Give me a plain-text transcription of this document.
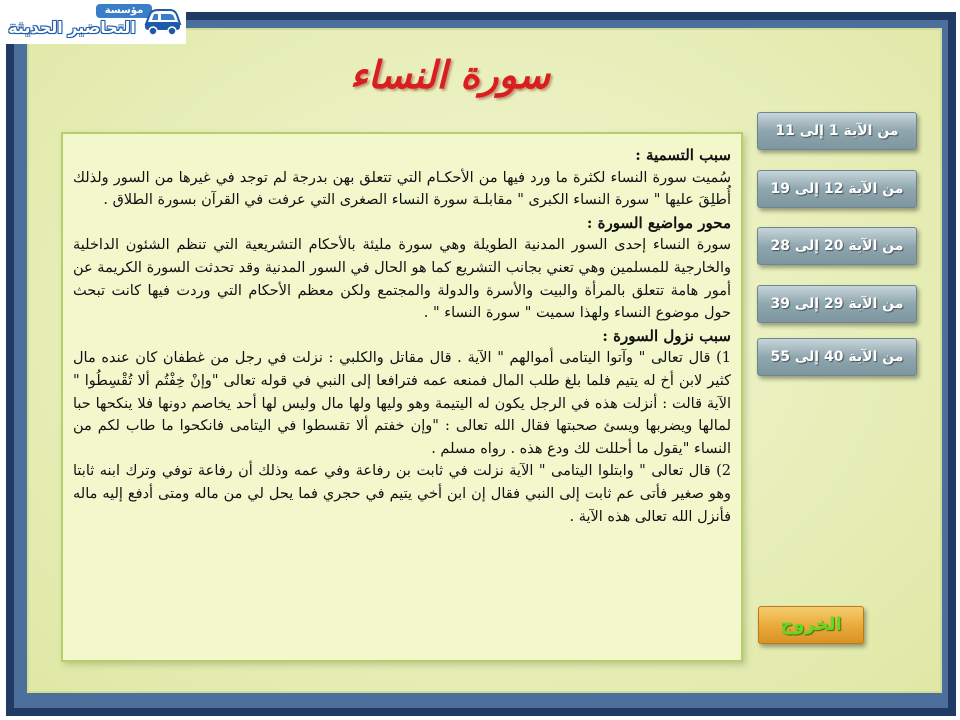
مؤسسة
التحاضير الحديثة
سورة النساء

سبب التسمية :

سُميت سورة النساء لكثرة ما ورد فيها من الأحكـام التي تتعلق بهن بدرجة لم توجد في غيرها من السور ولذلك أُطلِقَ عليها " سورة النساء الكبرى " مقابلـة سورة النساء الصغرى التي عرفت في القرآن بسورة الطلاق .

محور مواضيع السورة :

سورة النساء إحدى السور المدنية الطويلة وهي سورة مليئة بالأحكام التشريعية التي تنظم الشئون الداخلية والخارجية للمسلمين وهي تعني بجانب التشريع كما هو الحال في السور المدنية وقد تحدثت السورة الكريمة عن أمور هامة تتعلق بالمرأة والبيت والأسرة والدولة والمجتمع ولكن معظم الأحكام التي وردت فيها كانت تبحث حول موضوع النساء ولهذا سميت " سورة النساء " .

سبب نزول السورة :

1) قال تعالى " وآتوا اليتامى أموالهم " الآية . قال مقاتل والكلبي : نزلت في رجل من غطفان كان عنده مال كثير لابن أخ له يتيم فلما بلغ طلب المال فمنعه عمه فترافعا إلى النبي في قوله تعالى "وإنْ خِفْتُم ألا تُقْسِطُوا " الآية قالت : أنزلت هذه في الرجل يكون له اليتيمة وهو وليها ولها مال وليس لها أحد يخاصم دونها فلا ينكحها حبا لمالها ويضربها ويسئ صحبتها فقال الله تعالى : "وإن خفتم ألا تقسطوا في اليتامى فانكحوا ما طاب لكم من النساء "يقول ما أحللت لك ودع هذه . رواه مسلم .

2) قال تعالى " وابتلوا اليتامى " الآية نزلت في ثابت بن رفاعة وفي عمه وذلك أن رفاعة توفي وترك ابنه ثابتا وهو صغير فأتى عم ثابت إلى النبي فقال إن ابن أخي يتيم في حجري فما يحل لي من ماله ومتى أدفع إليه ماله فأنزل الله تعالى هذه الآية .

من الآية 1 إلى 11
من الآية 12 إلى 19
من الآية 20 إلى 28
من الآية 29 إلى 39
من الآية 40 إلى 55
الخروج
